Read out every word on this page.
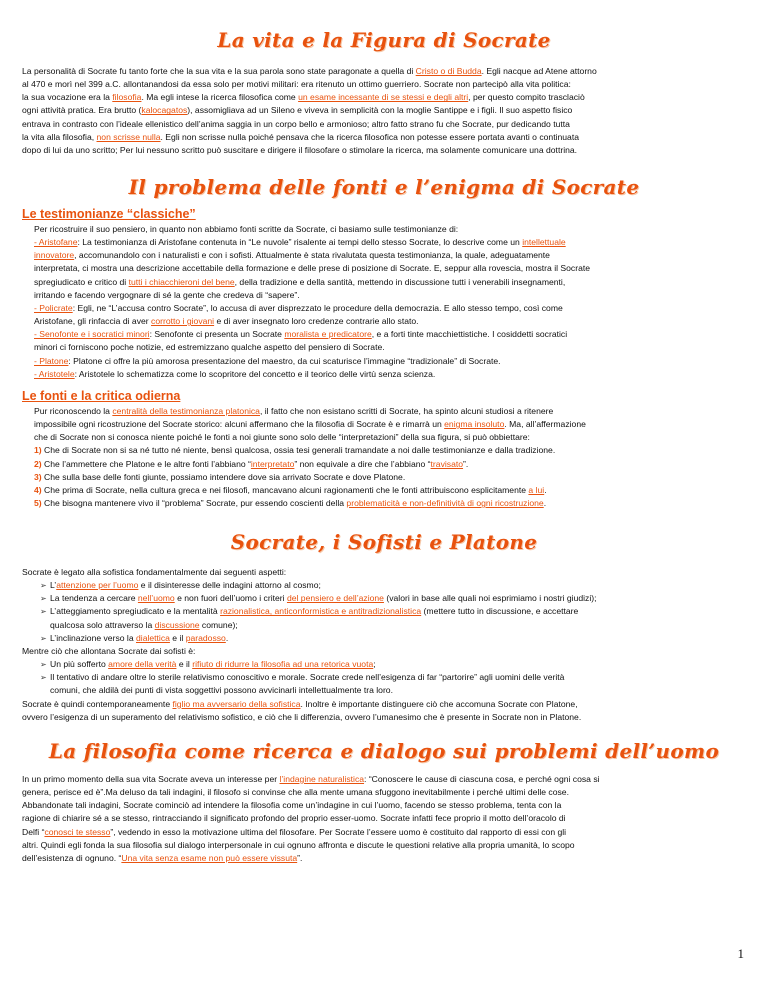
La vita e la Figura di Socrate
La personalità di Socrate fu tanto forte che la sua vita e la sua parola sono state paragonate a quella di Cristo o di Budda. Egli nacque ad Atene attorno
al 470 e morì nel 399 a.C. allontanandosi da essa solo per motivi militari: era ritenuto un ottimo guerriero. Socrate non partecipò alla vita politica:
la sua vocazione era la filosofia. Ma egli intese la ricerca filosofica come un esame incessante di se stessi e degli altri, per questo compito trasclaciò
ogni attività pratica. Era brutto (kalocagatos), assomigliava ad un Sileno e viveva in semplicità con la moglie Santippe e i figli. Il suo aspetto fisico
entrava in contrasto con l’ideale ellenistico dell’anima saggia in un corpo bello e armonioso; altro fatto strano fu che Socrate, pur dedicando tutta
la vita alla filosofia, non scrisse nulla. Egli non scrisse nulla poiché pensava che la ricerca filosofica non potesse essere portata avanti o continuata
dopo di lui da uno scritto; Per lui nessuno scritto può suscitare e dirigere il filosofare o stimolare la ricerca, ma solamente comunicare una dottrina.
Il problema delle fonti e l’enigma di Socrate
Le testimonianze “classiche”
Per ricostruire il suo pensiero, in quanto non abbiamo fonti scritte da Socrate, ci basiamo sulle testimonianze di:
- Aristofane: La testimonianza di Aristofane contenuta in “Le nuvole” risalente ai tempi dello stesso Socrate, lo descrive come un intellettuale
innovatore, accomunandolo con i naturalisti e con i sofisti. Attualmente è stata rivalutata questa testimonianza, la quale, adeguatamente
interpretata, ci mostra una descrizione accettabile della formazione e delle prese di posizione di Socrate. E, seppur alla rovescia, mostra il Socrate
spregiudicato e critico di tutti i chiacchieroni del bene, della tradizione e della santità, mettendo in discussione tutti i venerabili insegnamenti,
irritando e facendo vergognare di sé la gente che credeva di “sapere”.
- Policrate: Egli, ne “L’accusa contro Socrate”, lo accusa di aver disprezzato le procedure della democrazia. E allo stesso tempo, così come
Aristofane, gli rinfaccia di aver corrotto i giovani e di aver insegnato loro credenze contrarie allo stato.
- Senofonte e i socratici minori: Senofonte ci presenta un Socrate moralista e predicatore, e a forti tinte macchiettistiche. I cosiddetti socratici
minori ci forniscono poche notizie, ed estremizzano qualche aspetto del pensiero di Socrate.
- Platone: Platone ci offre la più amorosa presentazione del maestro, da cui scaturisce l’immagine “tradizionale” di Socrate.
- Aristotele: Aristotele lo schematizza come lo scopritore del concetto e il teorico delle virtù senza scienza.
Le fonti e la critica odierna
Pur riconoscendo la centralità della testimonianza platonica, il fatto che non esistano scritti di Socrate, ha spinto alcuni studiosi a ritenere
impossibile ogni ricostruzione del Socrate storico: alcuni affermano che la filosofia di Socrate è e rimarrà un enigma insoluto. Ma, all’affermazione
che di Socrate non si conosca niente poiché le fonti a noi giunte sono solo delle “interpretazioni” della sua figura, si può obbiettare:
1) Che di Socrate non si sa né tutto né niente, bensì qualcosa, ossia tesi generali tramandate a noi dalle testimonianze e dalla tradizione.
2) Che l’ammettere che Platone e le altre fonti l’abbiano “interpretato” non equivale a dire che l’abbiano “travisato”.
3) Che sulla base delle fonti giunte, possiamo intendere dove sia arrivato Socrate e dove Platone.
4) Che prima di Socrate, nella cultura greca e nei filosofi, mancavano alcuni ragionamenti che le fonti attribuiscono esplicitamente a lui.
5) Che bisogna mantenere vivo il “problema” Socrate, pur essendo coscienti della problematicità e non-definitività di ogni ricostruzione.
Socrate, i Sofisti e Platone
Socrate è legato alla sofistica fondamentalmente dai seguenti aspetti:
➢ L’attenzione per l’uomo e il disinteresse delle indagini attorno al cosmo;
➢ La tendenza a cercare nell’uomo e non fuori dell’uomo i criteri del pensiero e dell’azione (valori in base alle quali noi esprimiamo i nostri giudizi);
➢ L’atteggiamento spregiudicato e la mentalità razionalistica, anticonformistica e antitradizionalistica (mettere tutto in discussione, e accettare
qualcosa solo attraverso la discussione comune);
➢ L’inclinazione verso la dialettica e il paradosso.
Mentre ciò che allontana Socrate dai sofisti è:
➢ Un più sofferto amore della verità e il rifiuto di ridurre la filosofia ad una retorica vuota;
➢ Il tentativo di andare oltre lo sterile relativismo conoscitivo e morale. Socrate crede nell’esigenza di far “partorire” agli uomini delle verità
comuni, che aldilà dei punti di vista soggettivi possono avvicinarli intellettualmente tra loro.
Socrate è quindi contemporaneamente figlio ma avversario della sofistica. Inoltre è importante distinguere ciò che accomuna Socrate con Platone,
ovvero l’esigenza di un superamento del relativismo sofistico, e ciò che li differenzia, ovvero l’umanesimo che è presente in Socrate non in Platone.
La filosofia come ricerca e dialogo sui problemi dell’uomo
In un primo momento della sua vita Socrate aveva un interesse per l’indagine naturalistica: “Conoscere le cause di ciascuna cosa, e perché ogni cosa si
genera, perisce ed è”.Ma deluso da tali indagini, il filosofo si convinse che alla mente umana sfuggono inevitabilmente i perché ultimi delle cose.
Abbandonate tali indagini, Socrate cominciò ad intendere la filosofia come un’indagine in cui l’uomo, facendo se stesso problema, tenta con la
ragione di chiarire sé a se stesso, rintracciando il significato profondo del proprio esser-uomo. Socrate infatti fece proprio il motto dell’oracolo di
Delfi “conosci te stesso”, vedendo in esso la motivazione ultima del filosofare. Per Socrate l’essere uomo è costituito dal rapporto di essi con gli
altri. Quindi egli fonda la sua filosofia sul dialogo interpersonale in cui ognuno affronta e discute le questioni relative alla propria umanità, lo scopo
dell’esistenza di ognuno. “Una vita senza esame non può essere vissuta”.
1
